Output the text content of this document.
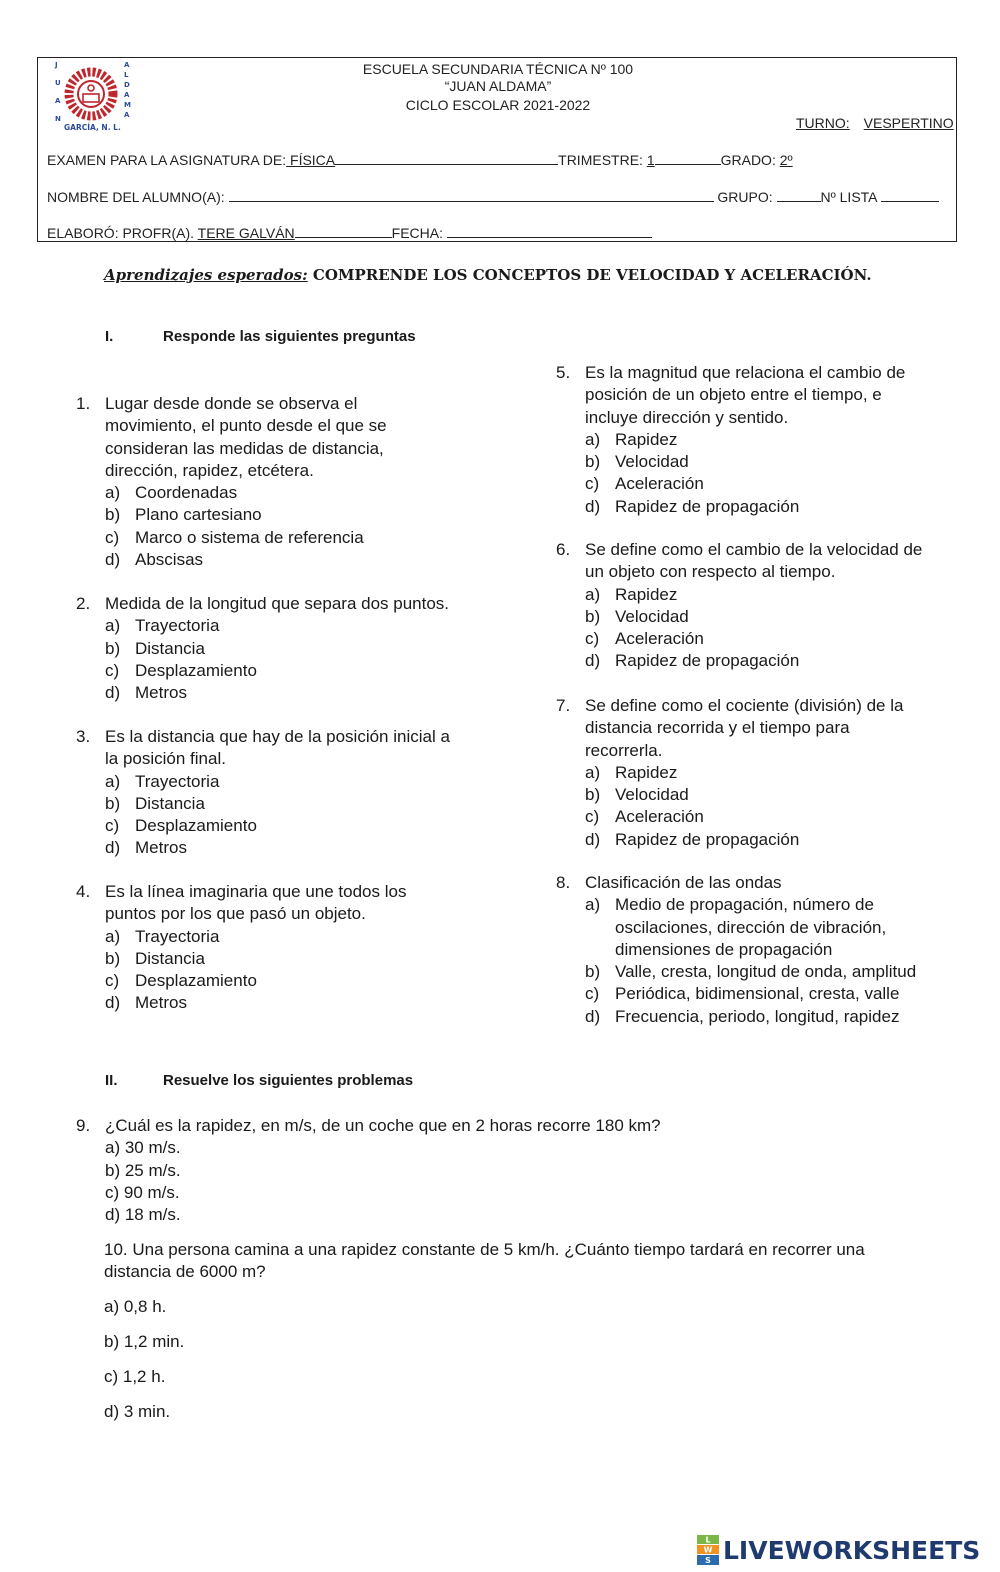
J
U
A
N
A
L
D
A
M
A
GARCÍA, N. L.
ESCUELA SECUNDARIA TÉCNICA Nº 100
“JUAN ALDAMA”
CICLO ESCOLAR 2021-2022
TURNO: VESPERTINO
EXAMEN PARA LA ASIGNATURA DE: FÍSICA	TRIMESTRE: 1	GRADO: 2º
NOMBRE DEL ALUMNO(A):	GRUPO:	Nº LISTA
ELABORÓ: PROFR(A). TERE GALVÁN	FECHA:
Aprendizajes esperados: COMPRENDE LOS CONCEPTOS DE VELOCIDAD Y ACELERACIÓN.
I.	Responde las siguientes preguntas
1. Lugar desde donde se observa el
movimiento, el punto desde el que se
consideran las medidas de distancia,
dirección, rapidez, etcétera.
a) Coordenadas
b) Plano cartesiano
c) Marco o sistema de referencia
d) Abscisas
2. Medida de la longitud que separa dos puntos.
a) Trayectoria
b) Distancia
c) Desplazamiento
d) Metros
3. Es la distancia que hay de la posición inicial a
la posición final.
a) Trayectoria
b) Distancia
c) Desplazamiento
d) Metros
4. Es la línea imaginaria que une todos los
puntos por los que pasó un objeto.
a) Trayectoria
b) Distancia
c) Desplazamiento
d) Metros
5. Es la magnitud que relaciona el cambio de
posición de un objeto entre el tiempo, e
incluye dirección y sentido.
a) Rapidez
b) Velocidad
c) Aceleración
d) Rapidez de propagación
6. Se define como el cambio de la velocidad de
un objeto con respecto al tiempo.
a) Rapidez
b) Velocidad
c) Aceleración
d) Rapidez de propagación
7. Se define como el cociente (división) de la
distancia recorrida y el tiempo para
recorrerla.
a) Rapidez
b) Velocidad
c) Aceleración
d) Rapidez de propagación
8. Clasificación de las ondas
a) Medio de propagación, número de oscilaciones, dirección de vibración, dimensiones de propagación
b) Valle, cresta, longitud de onda, amplitud
c) Periódica, bidimensional, cresta, valle
d) Frecuencia, periodo, longitud, rapidez
II.	Resuelve los siguientes problemas
9. ¿Cuál es la rapidez, en m/s, de un coche que en 2 horas recorre 180 km?
a) 30 m/s.
b) 25 m/s.
c) 90 m/s.
d) 18 m/s.
10. Una persona camina a una rapidez constante de 5 km/h. ¿Cuánto tiempo tardará en recorrer una
distancia de 6000 m?
a) 0,8 h.
b) 1,2 min.
c) 1,2 h.
d) 3 min.
L
W
S LIVEWORKSHEETS
